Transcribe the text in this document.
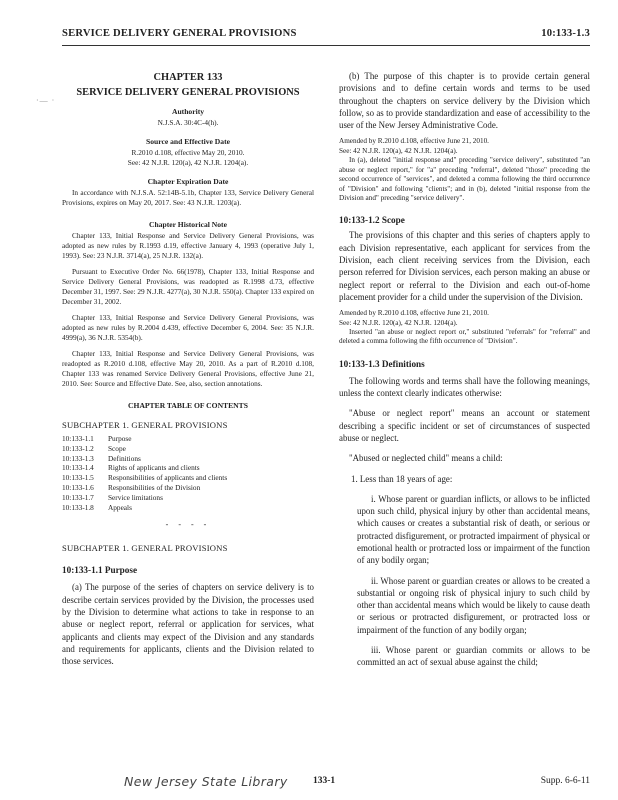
SERVICE DELIVERY GENERAL PROVISIONS	10:133-1.3
·— ·
CHAPTER 133
SERVICE DELIVERY GENERAL PROVISIONS
Authority
N.J.S.A. 30:4C-4(h).
Source and Effective Date
R.2010 d.108, effective May 20, 2010.
See: 42 N.J.R. 120(a), 42 N.J.R. 1204(a).
Chapter Expiration Date
In accordance with N.J.S.A. 52:14B-5.1b, Chapter 133, Service Delivery General Provisions, expires on May 20, 2017. See: 43 N.J.R. 1203(a).
Chapter Historical Note
Chapter 133, Initial Response and Service Delivery General Provisions, was adopted as new rules by R.1993 d.19, effective January 4, 1993 (operative July 1, 1993). See: 23 N.J.R. 3714(a), 25 N.J.R. 132(a).
Pursuant to Executive Order No. 66(1978), Chapter 133, Initial Response and Service Delivery General Provisions, was readopted as R.1998 d.73, effective December 31, 1997. See: 29 N.J.R. 4277(a), 30 N.J.R. 550(a). Chapter 133 expired on December 31, 2002.
Chapter 133, Initial Response and Service Delivery General Provisions, was adopted as new rules by R.2004 d.439, effective December 6, 2004. See: 35 N.J.R. 4999(a), 36 N.J.R. 5354(b).
Chapter 133, Initial Response and Service Delivery General Provisions, was readopted as R.2010 d.108, effective May 20, 2010. As a part of R.2010 d.108, Chapter 133 was renamed Service Delivery General Provisions, effective June 21, 2010. See: Source and Effective Date. See, also, section annotations.
CHAPTER TABLE OF CONTENTS
SUBCHAPTER 1. GENERAL PROVISIONS
10:133-1.1	Purpose
10:133-1.2	Scope
10:133-1.3	Definitions
10:133-1.4	Rights of applicants and clients
10:133-1.5	Responsibilities of applicants and clients
10:133-1.6	Responsibilities of the Division
10:133-1.7	Service limitations
10:133-1.8	Appeals
- - - -
SUBCHAPTER 1. GENERAL PROVISIONS
10:133-1.1 Purpose
(a) The purpose of the series of chapters on service delivery is to describe certain services provided by the Division, the processes used by the Division to determine what actions to take in response to an abuse or neglect report, referral or application for services, what applicants and clients may expect of the Division and any standards and requirements for applicants, clients and the Division related to those services.
(b) The purpose of this chapter is to provide certain general provisions and to define certain words and terms to be used throughout the chapters on service delivery by the Division which follow, so as to provide standardization and ease of accessibility to the user of the New Jersey Administrative Code.
Amended by R.2010 d.108, effective June 21, 2010.
See: 42 N.J.R. 120(a), 42 N.J.R. 1204(a).
In (a), deleted "initial response and" preceding "service delivery", substituted "an abuse or neglect report," for "a" preceding "referral", deleted "those" preceding the second occurrence of "services", and deleted a comma following the third occurrence of "Division" and following "clients"; and in (b), deleted "initial response from the Division and" preceding "service delivery".
10:133-1.2 Scope
The provisions of this chapter and this series of chapters apply to each Division representative, each applicant for services from the Division, each client receiving services from the Division, each person referred for Division services, each person making an abuse or neglect report or referral to the Division and each out-of-home placement provider for a child under the supervision of the Division.
Amended by R.2010 d.108, effective June 21, 2010.
See: 42 N.J.R. 120(a), 42 N.J.R. 1204(a).
Inserted "an abuse or neglect report or," substituted "referrals" for "referral" and deleted a comma following the fifth occurrence of "Division".
10:133-1.3 Definitions
The following words and terms shall have the following meanings, unless the context clearly indicates otherwise:
"Abuse or neglect report" means an account or statement describing a specific incident or set of circumstances of suspected abuse or neglect.
"Abused or neglected child" means a child:
1. Less than 18 years of age:
i. Whose parent or guardian inflicts, or allows to be inflicted upon such child, physical injury by other than accidental means, which causes or creates a substantial risk of death, or serious or protracted disfigurement, or protracted impairment of physical or emotional health or protracted loss or impairment of the function of any bodily organ;
ii. Whose parent or guardian creates or allows to be created a substantial or ongoing risk of physical injury to such child by other than accidental means which would be likely to cause death or serious or protracted disfigurement, or protracted loss or impairment of the function of any bodily organ;
iii. Whose parent or guardian commits or allows to be committed an act of sexual abuse against the child;
New Jersey State Library	133-1	Supp. 6-6-11
